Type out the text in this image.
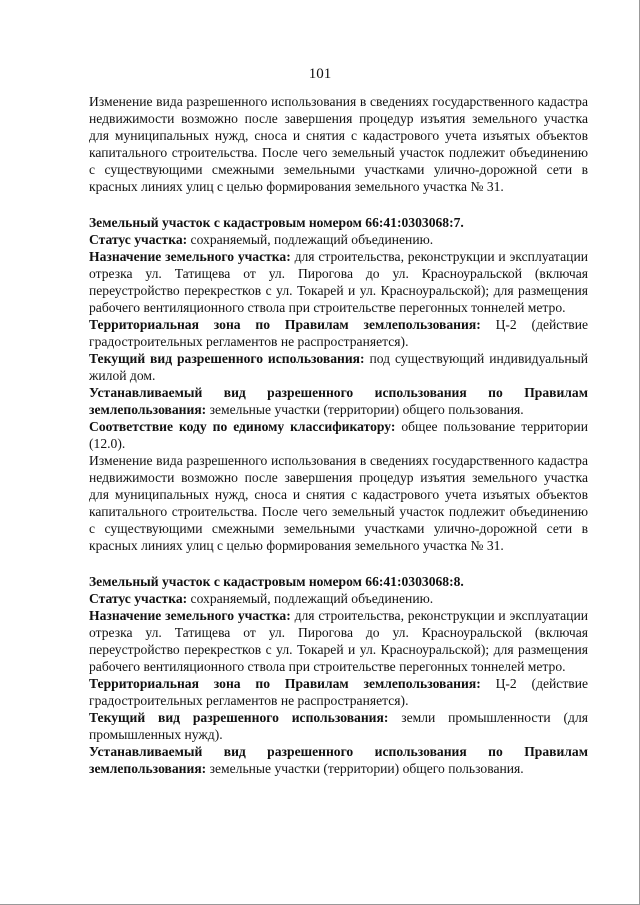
101

Изменение вида разрешенного использования в сведениях государственного кадастра недвижимости возможно после завершения процедур изъятия земельного участка для муниципальных нужд, сноса и снятия с кадастрового учета изъятых объектов капитального строительства. После чего земельный участок подлежит объединению с существующими смежными земельными участками улично-дорожной сети в красных линиях улиц с целью формирования земельного участка № 31.

Земельный участок с кадастровым номером 66:41:0303068:7.

Статус участка: сохраняемый, подлежащий объединению.

Назначение земельного участка: для строительства, реконструкции и эксплуатации отрезка ул. Татищева от ул. Пирогова до ул. Красноуральской (включая переустройство перекрестков с ул. Токарей и ул. Красноуральской); для размещения рабочего вентиляционного ствола при строительстве перегонных тоннелей метро.

Территориальная зона по Правилам землепользования: Ц-2 (действие градостроительных регламентов не распространяется).

Текущий вид разрешенного использования: под существующий индивидуальный жилой дом.

Устанавливаемый вид разрешенного использования по Правилам землепользования: земельные участки (территории) общего пользования.

Соответствие коду по единому классификатору: общее пользование территории (12.0).

Изменение вида разрешенного использования в сведениях государственного кадастра недвижимости возможно после завершения процедур изъятия земельного участка для муниципальных нужд, сноса и снятия с кадастрового учета изъятых объектов капитального строительства. После чего земельный участок подлежит объединению с существующими смежными земельными участками улично-дорожной сети в красных линиях улиц с целью формирования земельного участка № 31.

Земельный участок с кадастровым номером 66:41:0303068:8.

Статус участка: сохраняемый, подлежащий объединению.

Назначение земельного участка: для строительства, реконструкции и эксплуатации отрезка ул. Татищева от ул. Пирогова до ул. Красноуральской (включая переустройство перекрестков с ул. Токарей и ул. Красноуральской); для размещения рабочего вентиляционного ствола при строительстве перегонных тоннелей метро.

Территориальная зона по Правилам землепользования: Ц-2 (действие градостроительных регламентов не распространяется).

Текущий вид разрешенного использования: земли промышленности (для промышленных нужд).

Устанавливаемый вид разрешенного использования по Правилам землепользования: земельные участки (территории) общего пользования.
